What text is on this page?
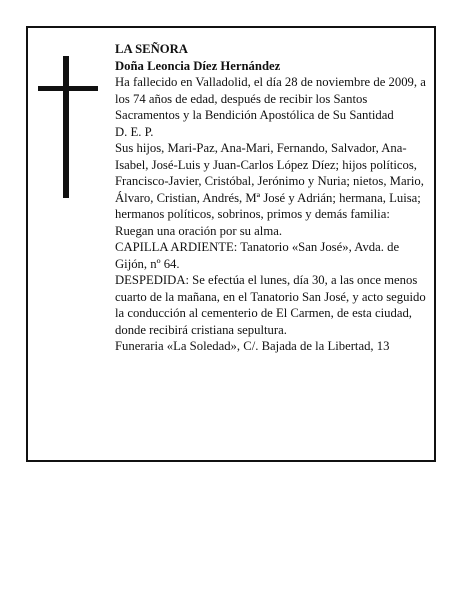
LA SEÑORA

Doña Leoncia Díez Hernández

Ha fallecido en Valladolid, el día 28 de noviembre de 2009, a los 74 años de edad, después de recibir los Santos Sacramentos y la Bendición Apostólica de Su Santidad

D. E. P.

Sus hijos, Mari-Paz, Ana-Mari, Fernando, Salvador, Ana-Isabel, José-Luis y Juan-Carlos López Díez; hijos políticos, Francisco-Javier, Cristóbal, Jerónimo y Nuria; nietos, Mario, Álvaro, Cristian, Andrés, Mª José y Adrián; hermana, Luisa; hermanos políticos, sobrinos, primos y demás familia:

Ruegan una oración por su alma.

CAPILLA ARDIENTE: Tanatorio «San José», Avda. de Gijón, nº 64.

DESPEDIDA: Se efectúa el lunes, día 30, a las once menos cuarto de la mañana, en el Tanatorio San José, y acto seguido la conducción al cementerio de El Carmen, de esta ciudad, donde recibirá cristiana sepultura.

Funeraria «La Soledad», C/. Bajada de la Libertad, 13
